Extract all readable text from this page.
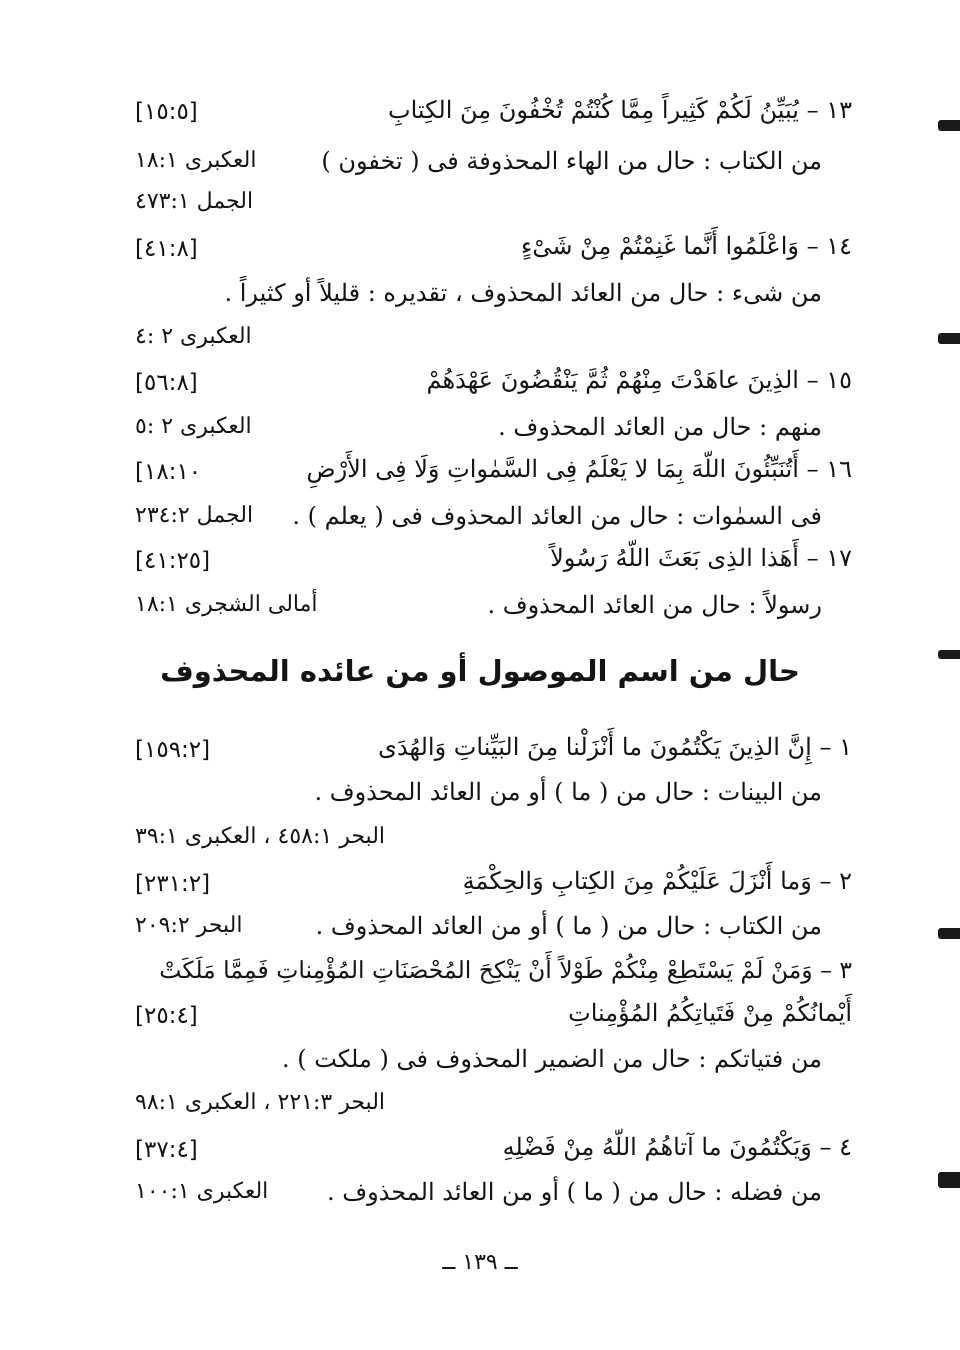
١٣ – يُبَيِّنُ لَكُمْ كَثِيراً مِمَّا كُنْتُمْ تُخْفُونَ مِنَ الكِتابِ
[١٥:٥]
من الكتاب : حال من الهاء المحذوفة فى ( تخفون )
العكبرى ١٨:١
الجمل ٤٧٣:١
١٤ – وَاعْلَمُوا أَنَّما غَنِمْتُمْ مِنْ شَىْءٍ
[٤١:٨]
من شىء : حال من العائد المحذوف ، تقديره : قليلاً أو كثيراً .
العكبرى ٢ :٤
١٥ – الذِينَ عاهَدْتَ مِنْهُمْ ثُمَّ يَنْقُضُونَ عَهْدَهُمْ
[٥٦:٨]
منهم : حال من العائد المحذوف .
العكبرى ٢ :٥
١٦ – أَتُنَبِّئُونَ اللّهَ بِمَا لا يَعْلَمُ فِى السَّمٰواتِ وَلَا فِى الأَرْضِ
[١٨:١٠
فى السمٰوات : حال من العائد المحذوف فى ( يعلم ) .
الجمل ٢٣٤:٢
١٧ – أَهَذا الذِى بَعَثَ اللّهُ رَسُولاً
[٤١:٢٥]
رسولاً : حال من العائد المحذوف .
أمالى الشجرى ١٨:١
حال من اسم الموصول أو من عائده المحذوف
١ – إِنَّ الذِينَ يَكْتُمُونَ ما أَنْزَلْنا مِنَ البَيِّناتِ وَالهُدَى
[١٥٩:٢]
من البينات : حال من ( ما ) أو من العائد المحذوف .
البحر ٤٥٨:١ ، العكبرى ٣٩:١
٢ – وَما أَنْزَلَ عَلَيْكُمْ مِنَ الكِتابِ وَالحِكْمَةِ
[٢٣١:٢]
من الكتاب : حال من ( ما ) أو من العائد المحذوف .
البحر ٢٠٩:٢
٣ – وَمَنْ لَمْ يَسْتَطِعْ مِنْكُمْ طَوْلاً أَنْ يَنْكِحَ المُحْصَنَاتِ المُؤْمِناتِ فَمِمَّا مَلَكَتْ
أَيْمانُكُمْ مِنْ فَتَياتِكُمُ المُؤْمِناتِ
[٢٥:٤]
من فتياتكم : حال من الضمير المحذوف فى ( ملكت ) .
البحر ٢٢١:٣ ، العكبرى ٩٨:١
٤ – وَيَكْتُمُونَ ما آتاهُمُ اللّهُ مِنْ فَضْلِهِ
[٣٧:٤]
من فضله : حال من ( ما ) أو من العائد المحذوف .
العكبرى ١٠٠:١
ــ ١٣٩ ــ
